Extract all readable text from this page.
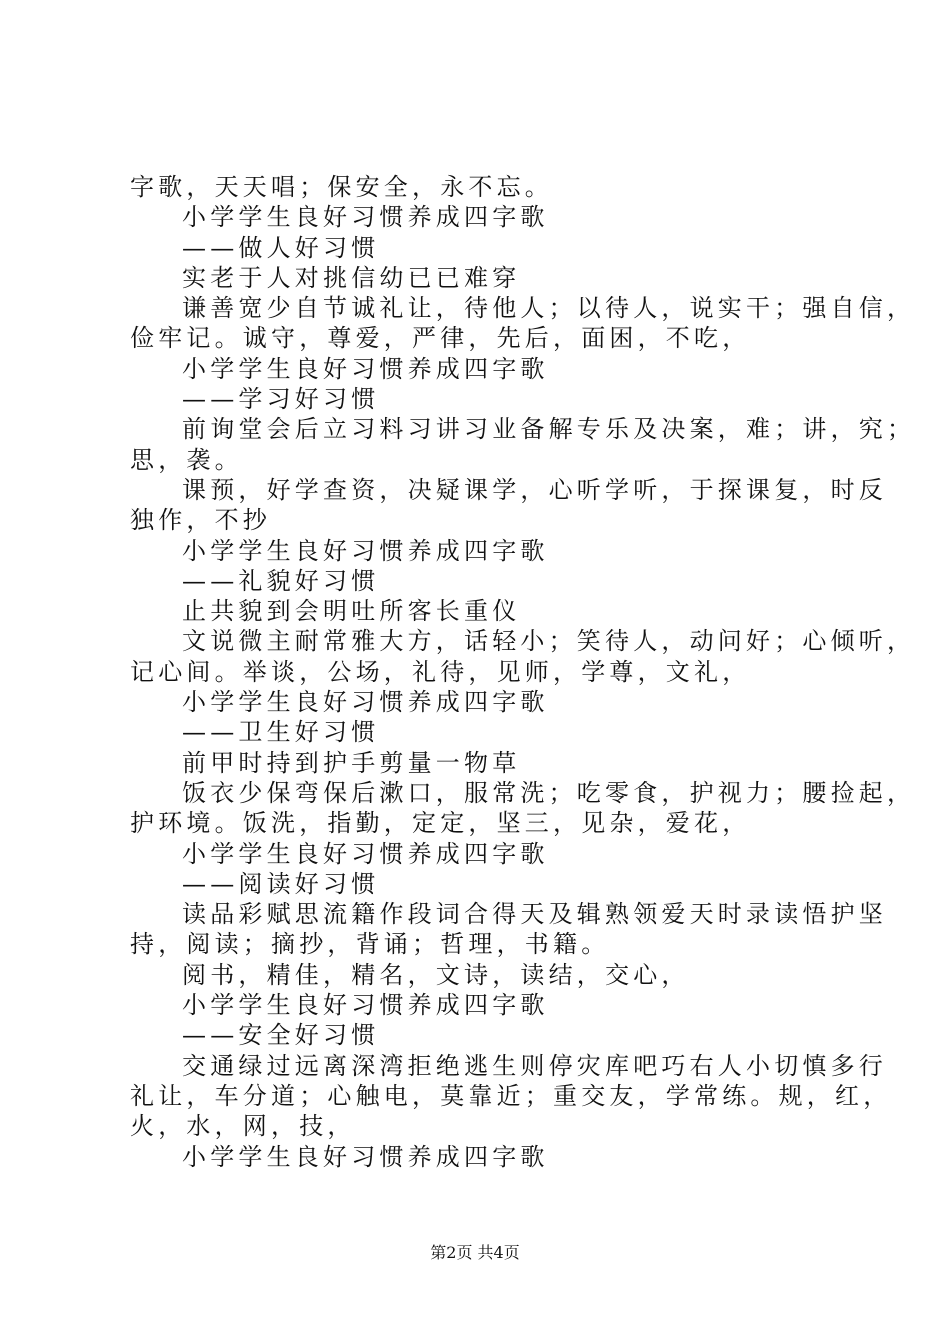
字歌，天天唱；保安全，永不忘。
小学学生良好习惯养成四字歌
——做人好习惯
实老于人对挑信幼已已难穿
谦善宽少自节诚礼让，待他人；以待人，说实干；强自信，
俭牢记。诚守，尊爱，严律，先后，面困，不吃，
小学学生良好习惯养成四字歌
——学习好习惯
前询堂会后立习料习讲习业备解专乐及决案，难；讲，究；
思，袭。
课预，好学查资，决疑课学，心听学听，于探课复，时反
独作，不抄
小学学生良好习惯养成四字歌
——礼貌好习惯
止共貌到会明吐所客长重仪
文说微主耐常雅大方，话轻小；笑待人，动问好；心倾听，
记心间。举谈，公场，礼待，见师，学尊，文礼，
小学学生良好习惯养成四字歌
——卫生好习惯
前甲时持到护手剪量一物草
饭衣少保弯保后漱口，服常洗；吃零食，护视力；腰捡起，
护环境。饭洗，指勤，定定，坚三，见杂，爱花，
小学学生良好习惯养成四字歌
——阅读好习惯
读品彩赋思流籍作段词合得天及辑熟领爱天时录读悟护坚
持，阅读；摘抄，背诵；哲理，书籍。
阅书，精佳，精名，文诗，读结，交心，
小学学生良好习惯养成四字歌
——安全好习惯
交通绿过远离深湾拒绝逃生则停灾库吧巧右人小切慎多行
礼让，车分道；心触电，莫靠近；重交友，学常练。规，红，
火，水，网，技，
小学学生良好习惯养成四字歌
第2页 共4页
